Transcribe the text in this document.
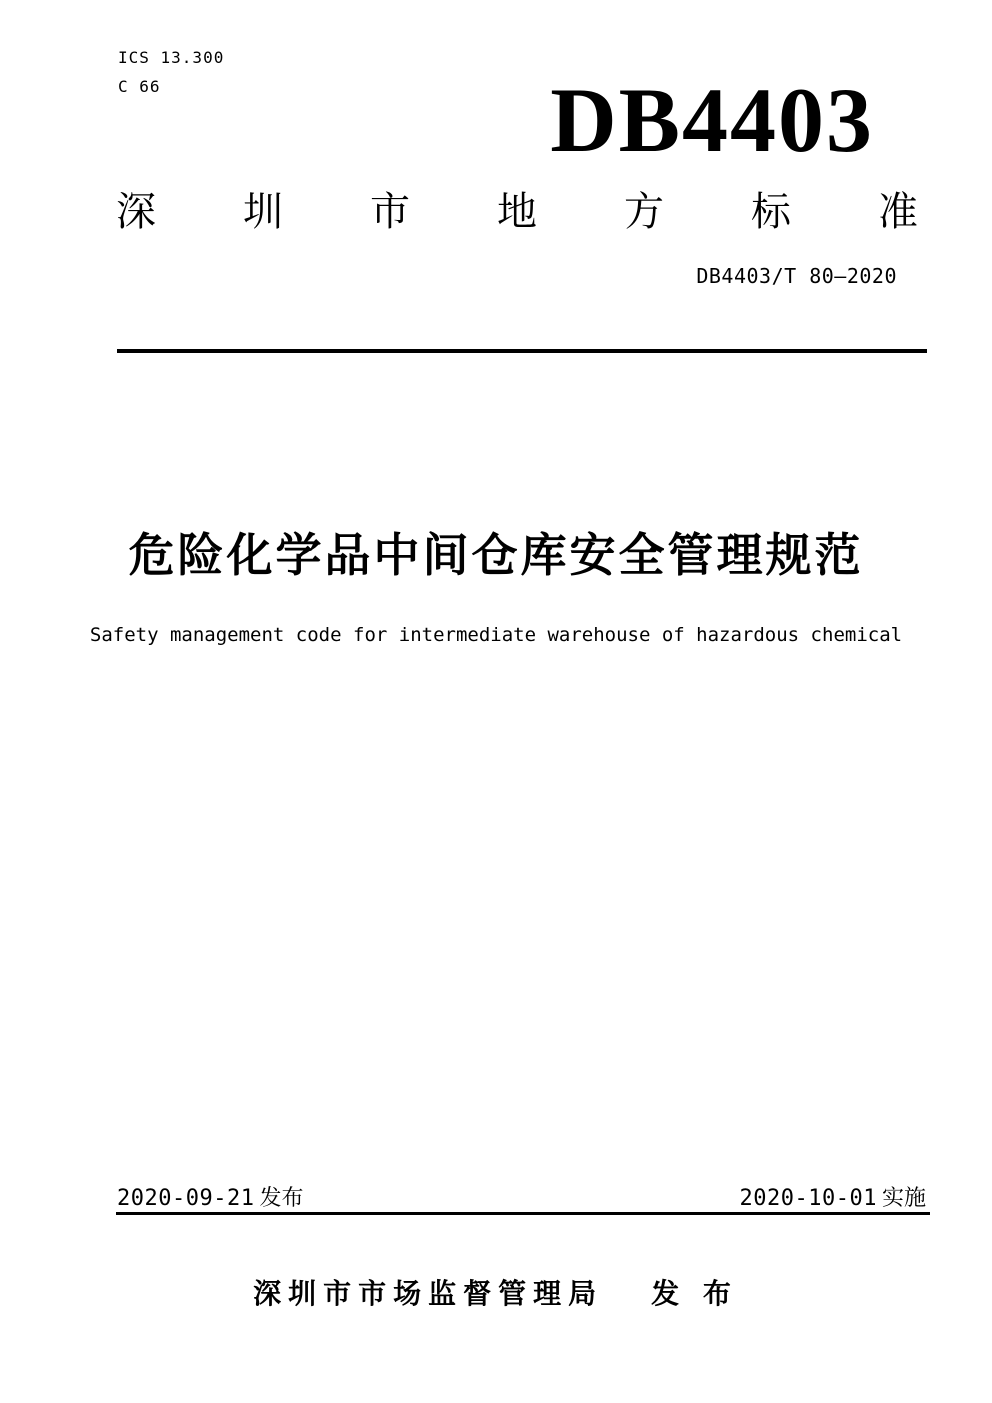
ICS 13.300
C 66	DB4403
深 圳 市 地 方 标 准
DB4403/T 80—2020
危险化学品中间仓库安全管理规范
Safety management code for intermediate warehouse of hazardous chemical
2020-09-21 发布	2020-10-01 实施
深圳市市场监督管理局 发 布
